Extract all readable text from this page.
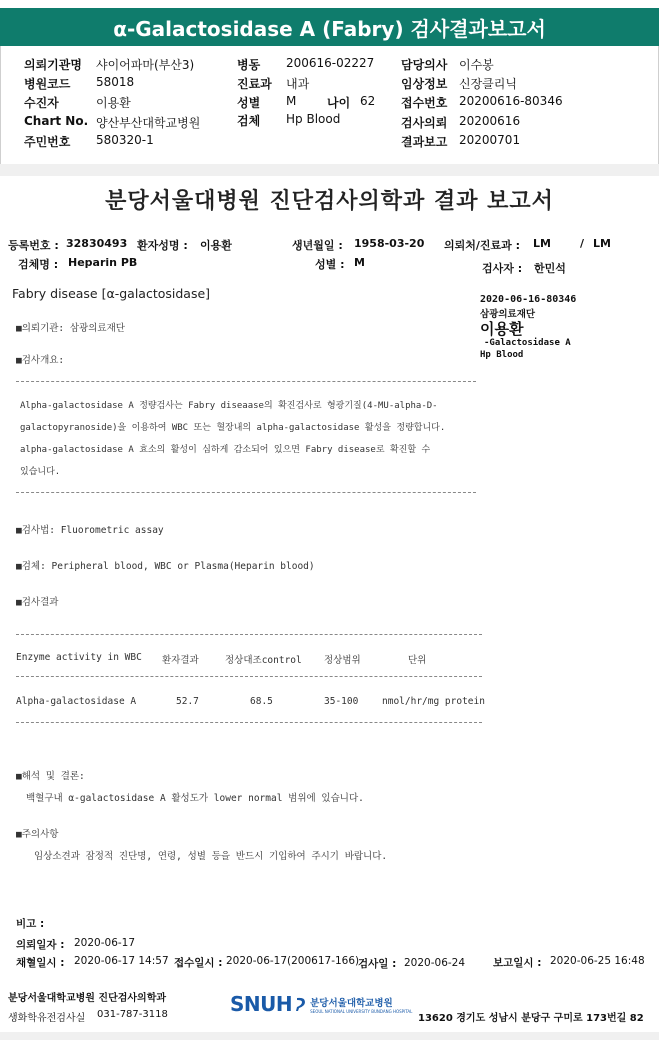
α-Galactosidase A (Fabry) 검사결과보고서
의뢰기관명 샤이어파마(부산3)	병동 200616-02227 담당의사 이수봉
병원코드 58018	진료과 내과	임상정보 신장클리닉
수진자	이용환	성별 M	나이 62 접수번호 20200616-80346
Chart No. 양산부산대학교병원	검체 Hp Blood	검사의뢰 20200616
주민번호 580320-1	결과보고 20200701
분당서울대병원 진단검사의학과 결과 보고서
등록번호 : 32830493 환자성명 : 이용환	생년월일 : 1958-03-20 의뢰처/진료과 : LM	/ LM
검체명 : Heparin PB	성별 : M	검사자 : 한민석
Fabry disease [α-galactosidase]	2020-06-16-80346
삼광의료재단
이용환
-Galactosidase A
Hp Blood
■의뢰기관: 삼광의료재단
■검사개요:
Alpha-galactosidase A 정량검사는 Fabry diseaase의 확진검사로 형광기질(4-MU-alpha-D-
galactopyranoside)을 이용하여 WBC 또는 혈장내의 alpha-galactosidase 활성을 정량합니다.
alpha-galactosidase A 효소의 활성이 심하게 감소되어 있으면 Fabry disease로 확진할 수
있습니다.
■검사법: Fluorometric assay
■검체: Peripheral blood, WBC or Plasma(Heparin blood)
■검사결과
Enzyme activity in WBC 환자결과	정상대조control 정상범위	단위
Alpha-galactosidase A	52.7	68.5	35-100 nmol/hr/mg protein
■해석 및 결론:
백혈구내 α-galactosidase A 활성도가 lower normal 범위에 있습니다.
■주의사항
임상소견과 잠정적 진단명, 연령, 성별 등을 반드시 기입하여 주시기 바랍니다.
비고 :
의뢰일자 : 2020-06-17
채혈일시 : 2020-06-17 14:57 접수일시 : 2020-06-17(200617-166)
검사일 : 2020-06-24	보고일시 : 2020-06-25 16:48
분당서울대학교병원 진단검사의학과
생화학유전검사실 031-787-3118	SNUH 분당서울대학교병원
SEOUL NATIONAL UNIVERSITY BUNDANG HOSPITAL
13620 경기도 성남시 분당구 구미로 173번길 82
